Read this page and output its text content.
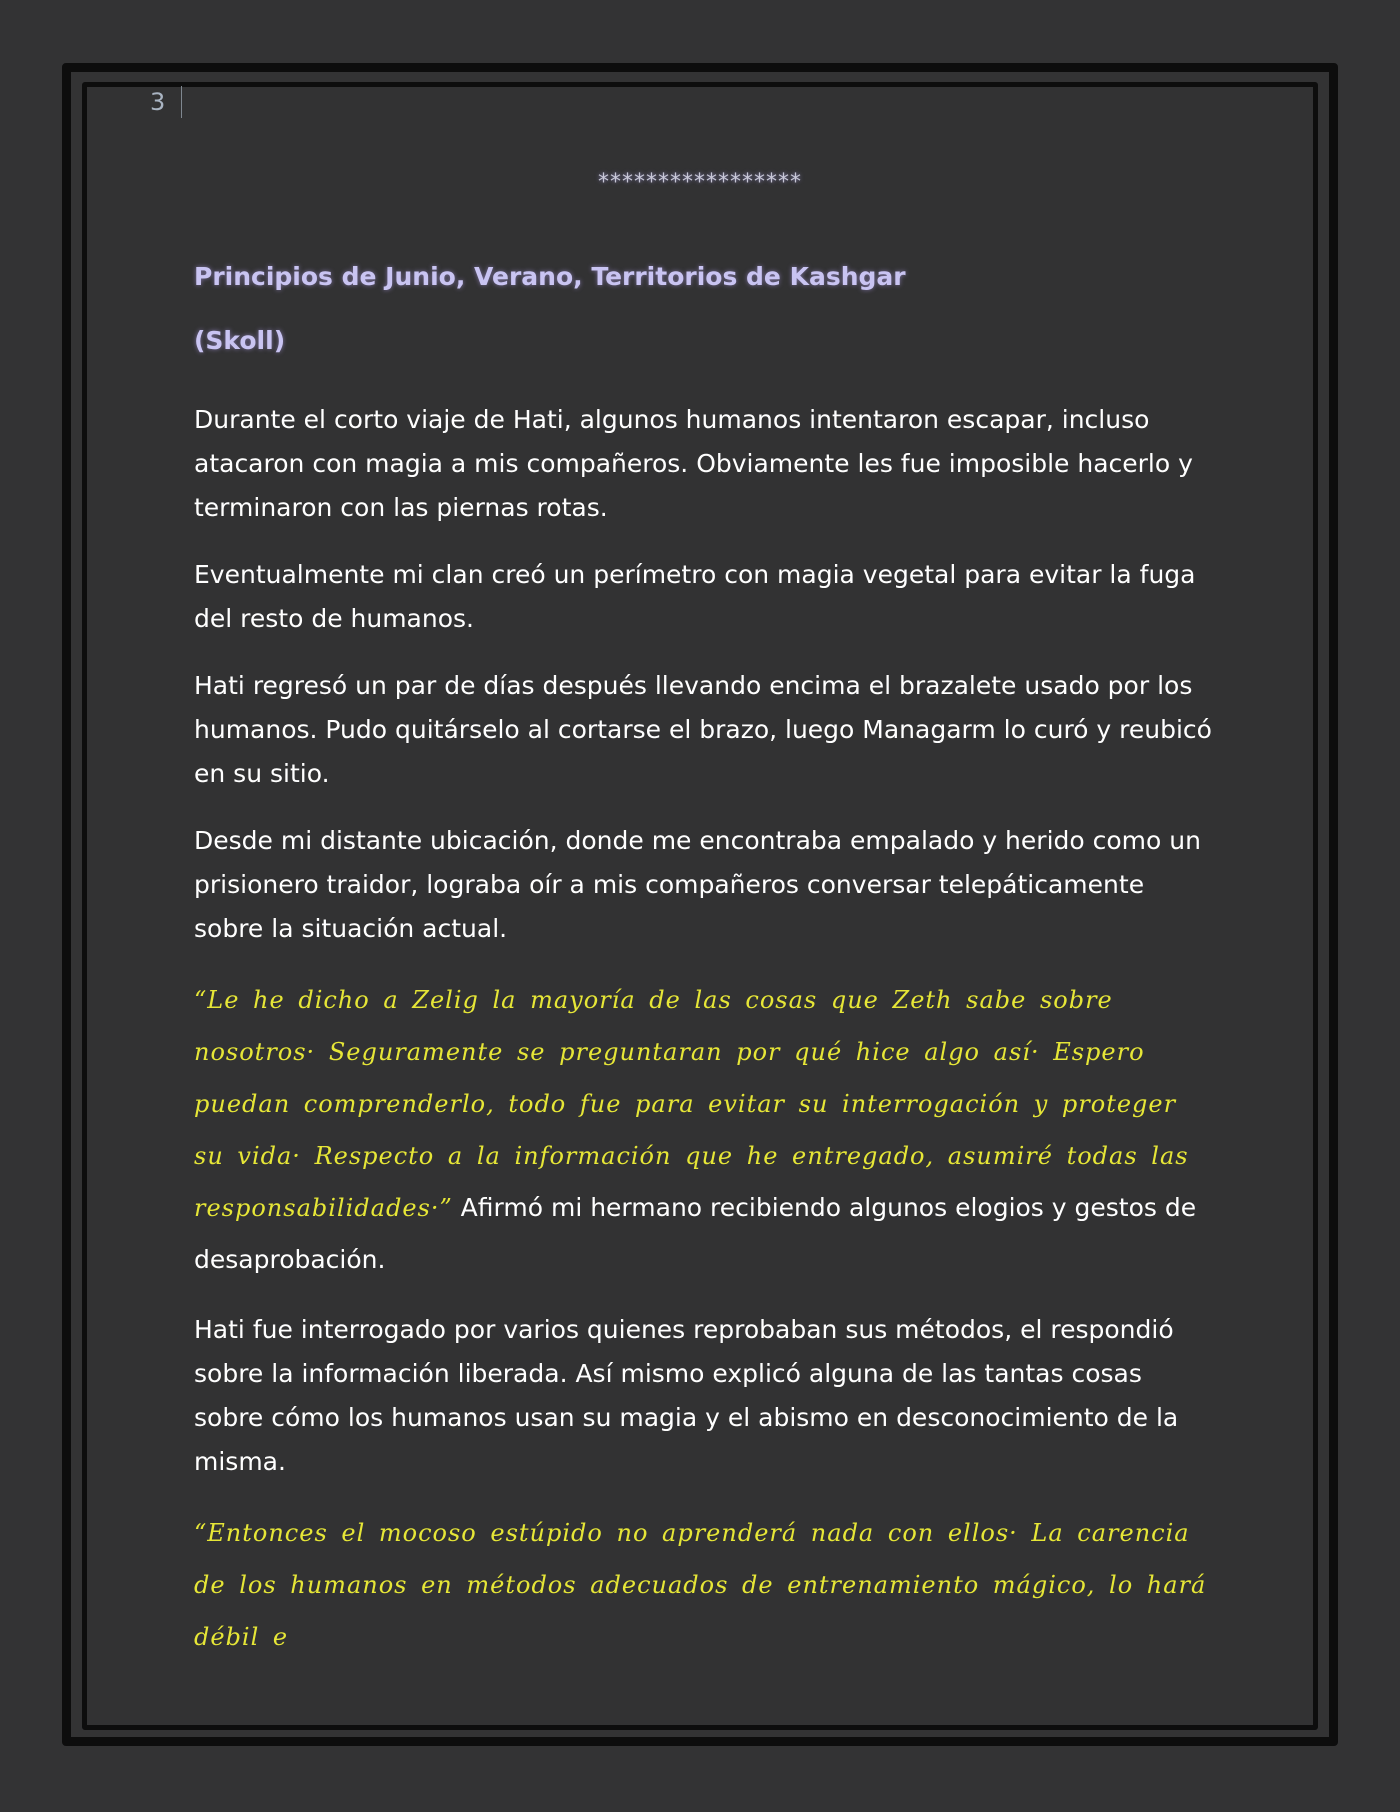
3
*****************
Principios de Junio, Verano, Territorios de Kashgar
(Skoll)

Durante el corto viaje de Hati, algunos humanos intentaron escapar, incluso atacaron con magia a mis compañeros. Obviamente les fue imposible hacerlo y terminaron con las piernas rotas.

Eventualmente mi clan creó un perímetro con magia vegetal para evitar la fuga del resto de humanos.

Hati regresó un par de días después llevando encima el brazalete usado por los humanos. Pudo quitárselo al cortarse el brazo, luego Managarm lo curó y reubicó en su sitio.

Desde mi distante ubicación, donde me encontraba empalado y herido como un prisionero traidor, lograba oír a mis compañeros conversar telepáticamente sobre la situación actual.

“Le he dicho a Zelig la mayoría de las cosas que Zeth sabe sobre nosotros· Seguramente se preguntaran por qué hice algo así· Espero puedan comprenderlo, todo fue para evitar su interrogación y proteger su vida· Respecto a la información que he entregado, asumiré todas las responsabilidades·” Afirmó mi hermano recibiendo algunos elogios y gestos de desaprobación.

Hati fue interrogado por varios quienes reprobaban sus métodos, el respondió sobre la información liberada. Así mismo explicó alguna de las tantas cosas sobre cómo los humanos usan su magia y el abismo en desconocimiento de la misma.

“Entonces el mocoso estúpido no aprenderá nada con ellos· La carencia de los humanos en métodos adecuados de entrenamiento mágico, lo hará débil e
